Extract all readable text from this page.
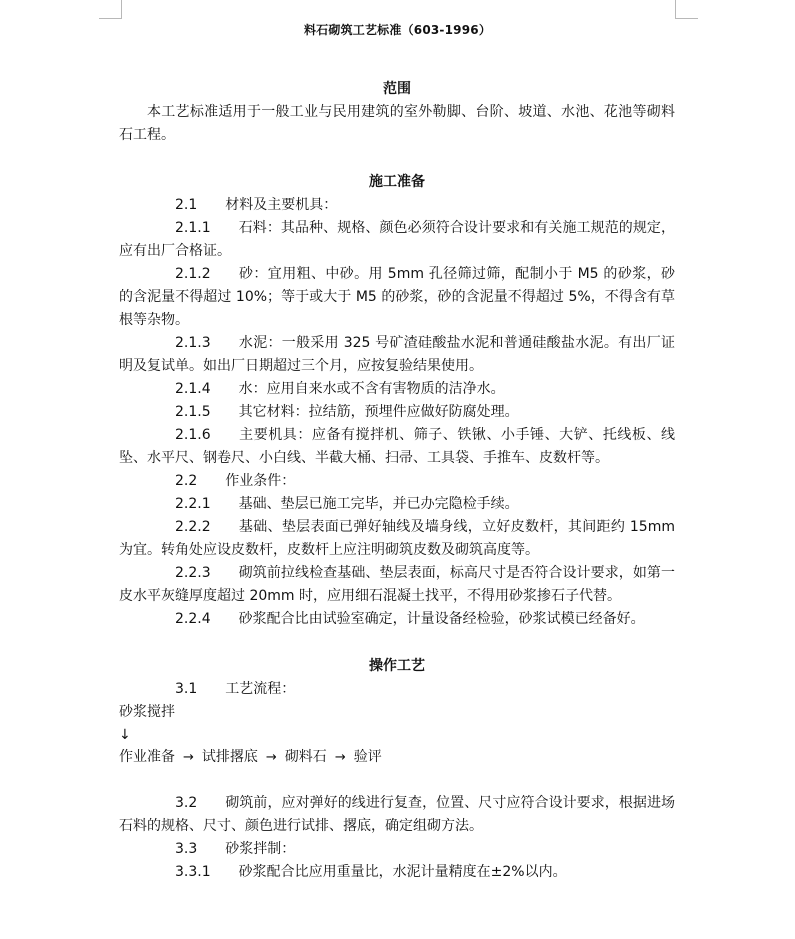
料石砌筑工艺标准（603-1996）
范围

本工艺标准适用于一般工业与民用建筑的室外勒脚、台阶、坡道、水池、花池等砌料石工程。

施工准备

2.1 材料及主要机具：

2.1.1 石料：其品种、规格、颜色必须符合设计要求和有关施工规范的规定，应有出厂合格证。

2.1.2 砂：宜用粗、中砂。用 5mm 孔径筛过筛，配制小于 M5 的砂浆，砂的含泥量不得超过 10%；等于或大于 M5 的砂浆，砂的含泥量不得超过 5%，不得含有草根等杂物。

2.1.3 水泥：一般采用 325 号矿渣硅酸盐水泥和普通硅酸盐水泥。有出厂证明及复试单。如出厂日期超过三个月，应按复验结果使用。

2.1.4 水：应用自来水或不含有害物质的洁净水。

2.1.5 其它材料：拉结筋，预埋件应做好防腐处理。

2.1.6 主要机具：应备有搅拌机、筛子、铁锹、小手锤、大铲、托线板、线坠、水平尺、钢卷尺、小白线、半截大桶、扫帚、工具袋、手推车、皮数杆等。

2.2 作业条件：

2.2.1 基础、垫层已施工完毕，并已办完隐检手续。

2.2.2 基础、垫层表面已弹好轴线及墙身线，立好皮数杆，其间距约 15mm 为宜。转角处应设皮数杆，皮数杆上应注明砌筑皮数及砌筑高度等。

2.2.3 砌筑前拉线检查基础、垫层表面，标高尺寸是否符合设计要求，如第一皮水平灰缝厚度超过 20mm 时，应用细石混凝土找平，不得用砂浆掺石子代替。

2.2.4 砂浆配合比由试验室确定，计量设备经检验，砂浆试模已经备好。

操作工艺

3.1 工艺流程：

砂浆搅拌

↓

作业准备 → 试排撂底 → 砌料石 → 验评

3.2 砌筑前，应对弹好的线进行复查，位置、尺寸应符合设计要求，根据进场石料的规格、尺寸、颜色进行试排、撂底，确定组砌方法。

3.3 砂浆拌制：

3.3.1 砂浆配合比应用重量比，水泥计量精度在±2%以内。
